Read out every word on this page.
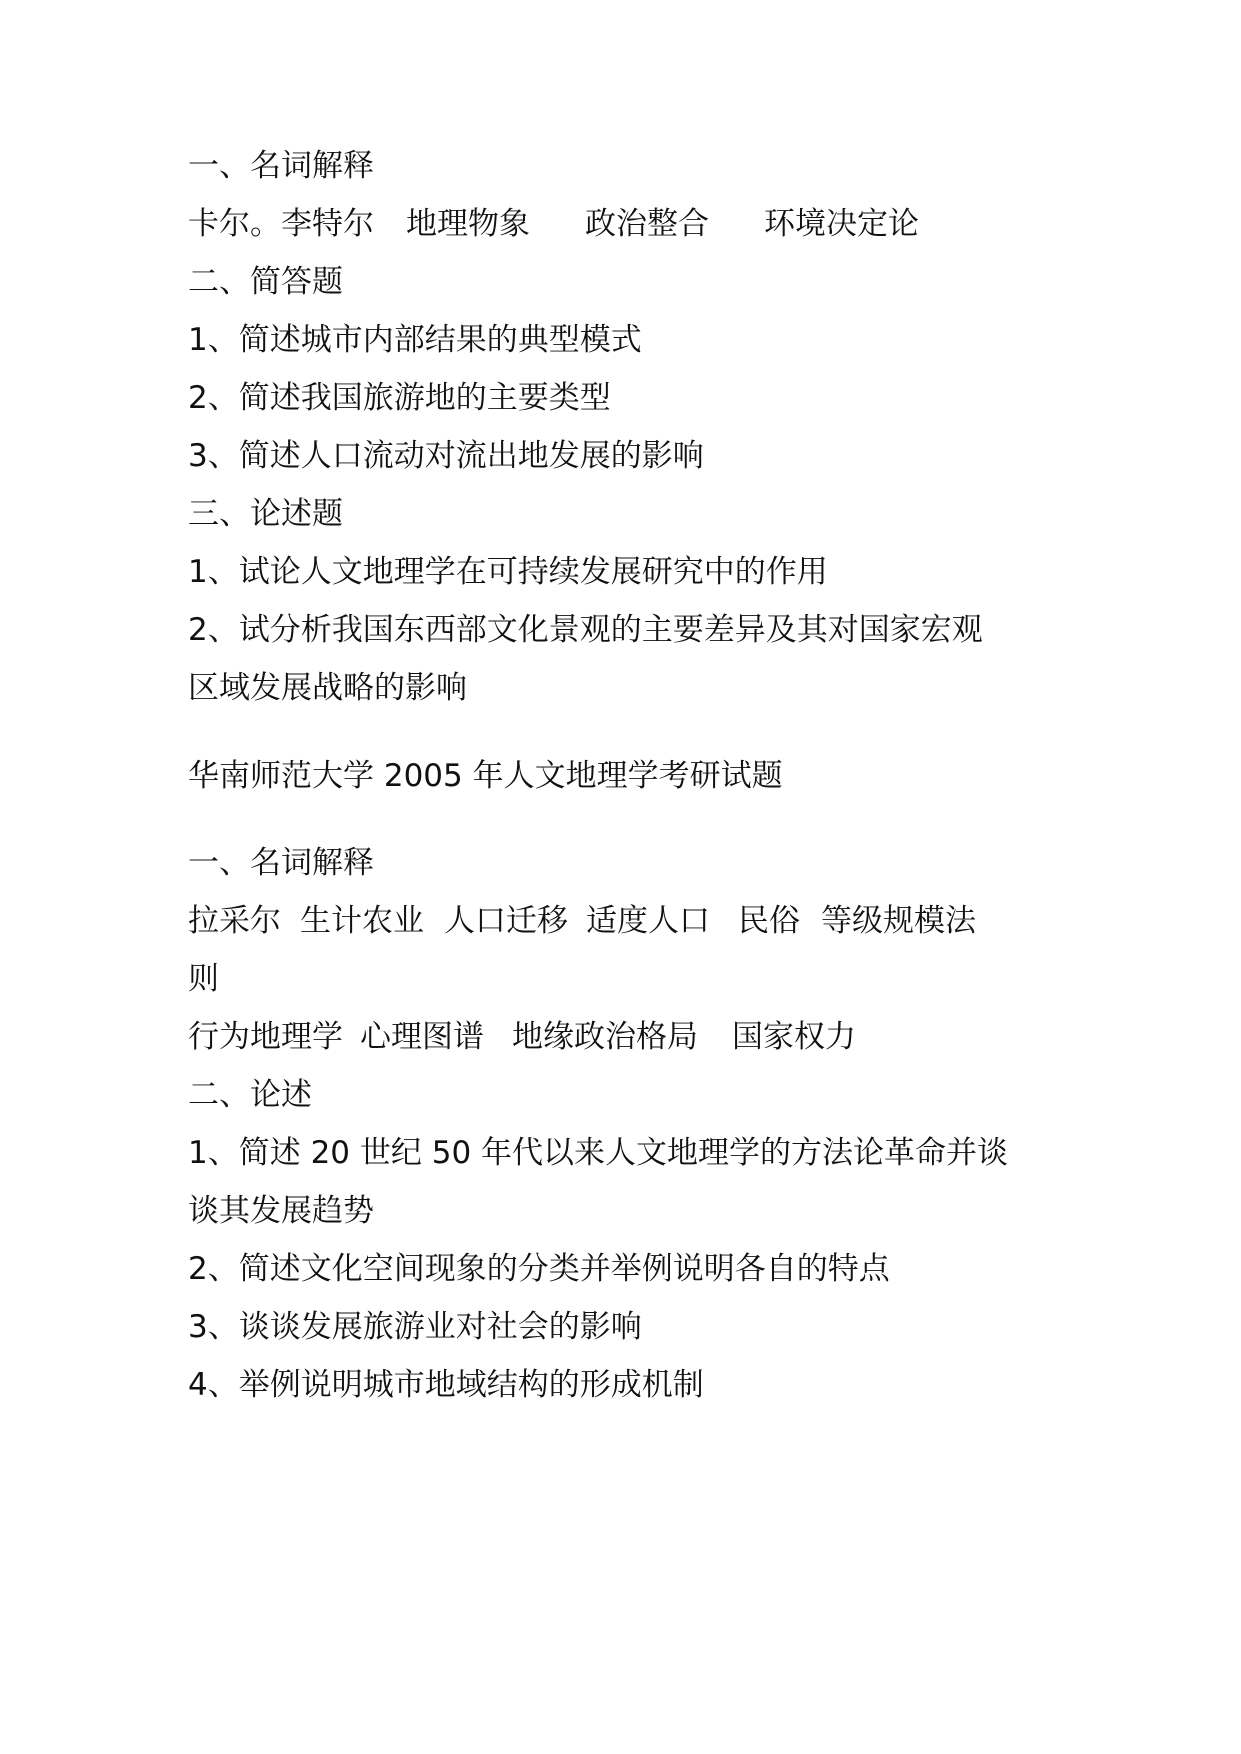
一、名词解释
卡尔。李特尔 地理物象 政治整合 环境决定论
二、简答题
1、简述城市内部结果的典型模式
2、简述我国旅游地的主要类型
3、简述人口流动对流出地发展的影响
三、论述题
1、试论人文地理学在可持续发展研究中的作用
2、试分析我国东西部文化景观的主要差异及其对国家宏观
区域发展战略的影响
华南师范大学 2005 年人文地理学考研试题
一、名词解释
拉采尔 生计农业 人口迁移 适度人口 民俗 等级规模法
则
行为地理学 心理图谱 地缘政治格局 国家权力
二、论述
1、简述 20 世纪 50 年代以来人文地理学的方法论革命并谈
谈其发展趋势
2、简述文化空间现象的分类并举例说明各自的特点
3、谈谈发展旅游业对社会的影响
4、举例说明城市地域结构的形成机制
